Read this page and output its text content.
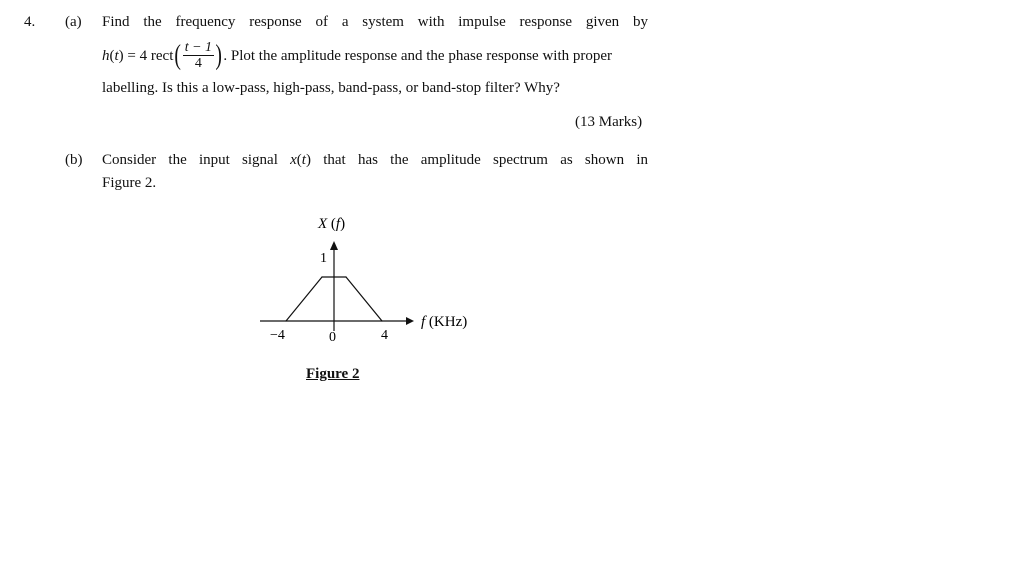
4. (a) Find the frequency response of a system with impulse response given by
h ( t ) = 4
rect ( $\frac{t - 1}{4}$ ) . Plot the amplitude response and the phase response with proper
labelling. Is this a low-pass, high-pass, band-pass, or band-stop filter? Why?
(13 Marks)
(b) Consider the input signal x(t) that has the amplitude spectrum as shown in
Figure 2.
X (f)
1
−4	0	4
f (KHz)
Figure 2
